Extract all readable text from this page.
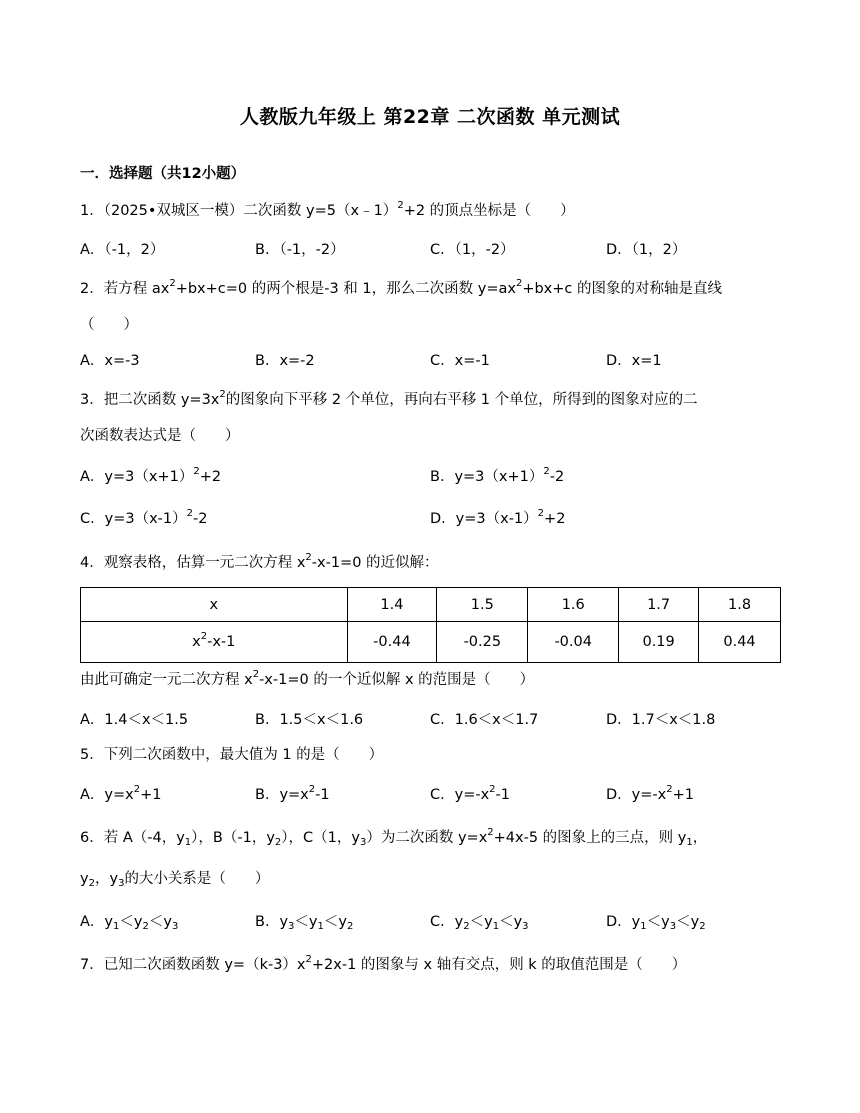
人教版九年级上 第22章 二次函数 单元测试
一．选择题（共12小题）
1．（2025•双城区一模）二次函数 y=5（x﹣1）$^2$+2 的顶点坐标是（　　）
A．（-1，2）	B．（-1，-2）	C．（1，-2）	D．（1，2）
2．若方程 $ax^2+bx+c=0$ 的两个根是-3 和 1，那么二次函数 $y=ax^2+bx+c$ 的图象的对称轴是直线
（　　）
A．x=-3	B．x=-2	C．x=-1	D．x=1
3．把二次函数 $y=3x^2$的图象向下平移 2 个单位，再向右平移 1 个单位，所得到的图象对应的二
次函数表达式是（　　）
A．$y=3(x+1)^2+2$	B．$y=3(x+1)^2-2$
C．$y=3(x-1)^2-2$	D．$y=3(x-1)^2+2$
4．观察表格，估算一元二次方程 $x^2-x-1=0$ 的近似解：
x	1.4	1.5	1.6	1.7	1.8
$x^2-x-1$	-0.44	-0.25	-0.04	0.19	0.44
由此可确定一元二次方程 $x^2-x-1=0$ 的一个近似解 x 的范围是（　　）
A．1.4＜x＜1.5	B．1.5＜x＜1.6	C．1.6＜x＜1.7	D．1.7＜x＜1.8
5．下列二次函数中，最大值为 1 的是（　　）
A．$y=x^2+1$	B．$y=x^2-1$	C．$y=-x^2-1$	D．$y=-x^2+1$
6．若 A（-4，$y_1$），B（-1，$y_2$），C（1，$y_3$）为二次函数 $y=x^2+4x-5$ 的图象上的三点，则 $y_1$，
$y_2$，$y_3$的大小关系是（　　）
A．$y_1<y_2<y_3$	B．$y_3<y_1<y_2$	C．$y_2<y_1<y_3$	D．$y_1<y_3<y_2$
7．已知二次函数函数 $y=(k-3)x^2+2x-1$ 的图象与 x 轴有交点，则 k 的取值范围是（　　）
